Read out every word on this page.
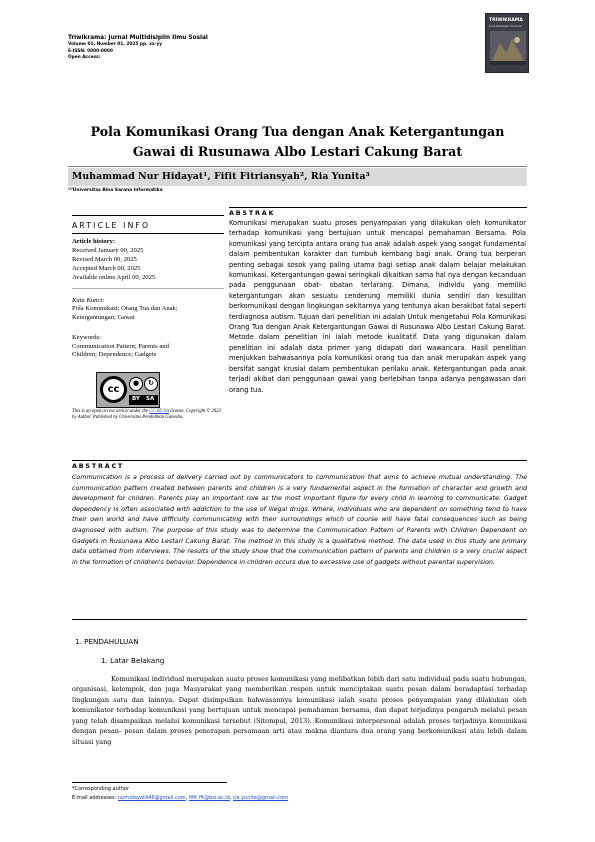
Triwikrama: Jurnal Multidisiplin Ilmu Sosial
Volume 01, Number 01, 2025 pp. xx-yy
E-ISSN: 0000-0000
Open Access:
TRIWIKRAMA
Jurnal Multidisiplin Ilmu Sosial
Pola Komunikasi Orang Tua dengan Anak Ketergantungan
Gawai di Rusunawa Albo Lestari Cakung Barat
Muhammad Nur Hidayat¹, Fifit Fitriansyah², Ria Yunita³
¹ʲ³Universitas Bina Sarana Informatika
ARTICLE INFO
Article history:
Received January 00, 2025
Revised March 00, 2025
Accepted March 00, 2025
Available online April 00, 2025
Kata Kunci:
Pola Komunikasi; Orang Tua dan Anak;
Ketergantungan; Gawai
Keywords:
Communication Pattern; Parents and
Children; Dependence; Gadgets
cc
●	↻
BY SA
This is an open access article under the CC BY-SA license. Copyright © 2023 by Author. Published by Universitas Pendidikan Ganesha.
ABSTRAK
Komunikasi merupakan suatu proses penyampaian yang dilakukan oleh komunikator terhadap komunikasi yang bertujuan untuk mencapai pemahaman Bersama. Pola komunikasi yang tercipta antara orang tua anak adalah aspek yang sangat fundamental dalam pembentukan karakter dan tumbuh kembang bagi anak. Orang tua berperan penting sebagai sosok yang paling utama bagi setiap anak dalam belajar melakukan komunikasi. Ketergantungan gawai seringkali dikaitkan sama hal nya dengan kecanduan pada penggunaan obat- obatan terlarang. Dimana, individu yang memiliki ketergantungan akan sesuatu cenderung memiliki dunia sendiri dan kesulitan berkomunikasi dengan lingkungan sekitarnya yang tentunya akan berakibat fatal seperti terdiagnosa autism. Tujuan dari penelitian ini adalah Untuk mengetahui Pola Komunikasi Orang Tua dengan Anak Ketergantungan Gawai di Rusunawa Albo Lestari Cakung Barat. Metode dalam penelitian ini ialah metode kualitatif. Data yang digunakan dalam penelitian ini adalah data primer yang didapati dari wawancara. Hasil penelitian menjukkan bahwasannya pola komunikasi orang tua dan anak merupakan aspek yang bersifat sangat krusial dalam pembentukan perilaku anak. Ketergantungan pada anak terjadi akibat dari penggunaan gawai yang berlebihan tanpa adanya pengawasan dari orang tua.
ABSTRACT
Communication is a process of delivery carried out by communicators to communication that aims to achieve mutual understanding. The communication pattern created between parents and children is a very fundamental aspect in the formation of character and growth and development for children. Parents play an important role as the most important figure for every child in learning to communicate. Gadget dependency is often associated with addiction to the use of illegal drugs. Where, individuals who are dependent on something tend to have their own world and have difficulty communicating with their surroundings which of course will have fatal consequences such as being diagnosed with autism. The purpose of this study was to determine the Communication Pattern of Parents with Children Dependent on Gadgets in Rusunawa Albo Lestari Cakung Barat. The method in this study is a qualitative method. The data used in this study are primary data obtained from interviews. The results of the study show that the communication pattern of parents and children is a very crucial aspect in the formation of children's behavior. Dependence in children occurs due to excessive use of gadgets without parental supervision.
1. PENDAHULUAN
1. Latar Belakang
Komunikasi individual merupakan suatu proses komunikasi yang melibatkan lebih dari satu individual pada suatu hubungan, organisasi, kelompok, dan juga Masyarakat yang memberikan respon untuk menciptakan suatu pesan dalam beradaptasi terhadap lingkungan satu dan lainnya. Dapat disimpulkan bahwasannya komunikasi ialah suatu proses penyampaian yang dilakukan oleh komunikator terhadap komunikasi yang bertujuan untuk mencapai pemahaman bersama, dan dapat terjadinya pengaruh melalui pesan yang telah disampaikan melalui komunikasi tersebut (Sitompul, 2013). Komunikasi interpersonal adalah proses terjadinya komunikasi dengan pesan- pesan dalam proses penerapan persamaan arti atau makna diantara dua orang yang berkomunikasi atau lebih dalam situasi yang
*Corresponding author
E-mail addresses: nurhidayat946@gmail.com, fifit.fft@bsi.ac.id, ria.yunita@gmail.com
